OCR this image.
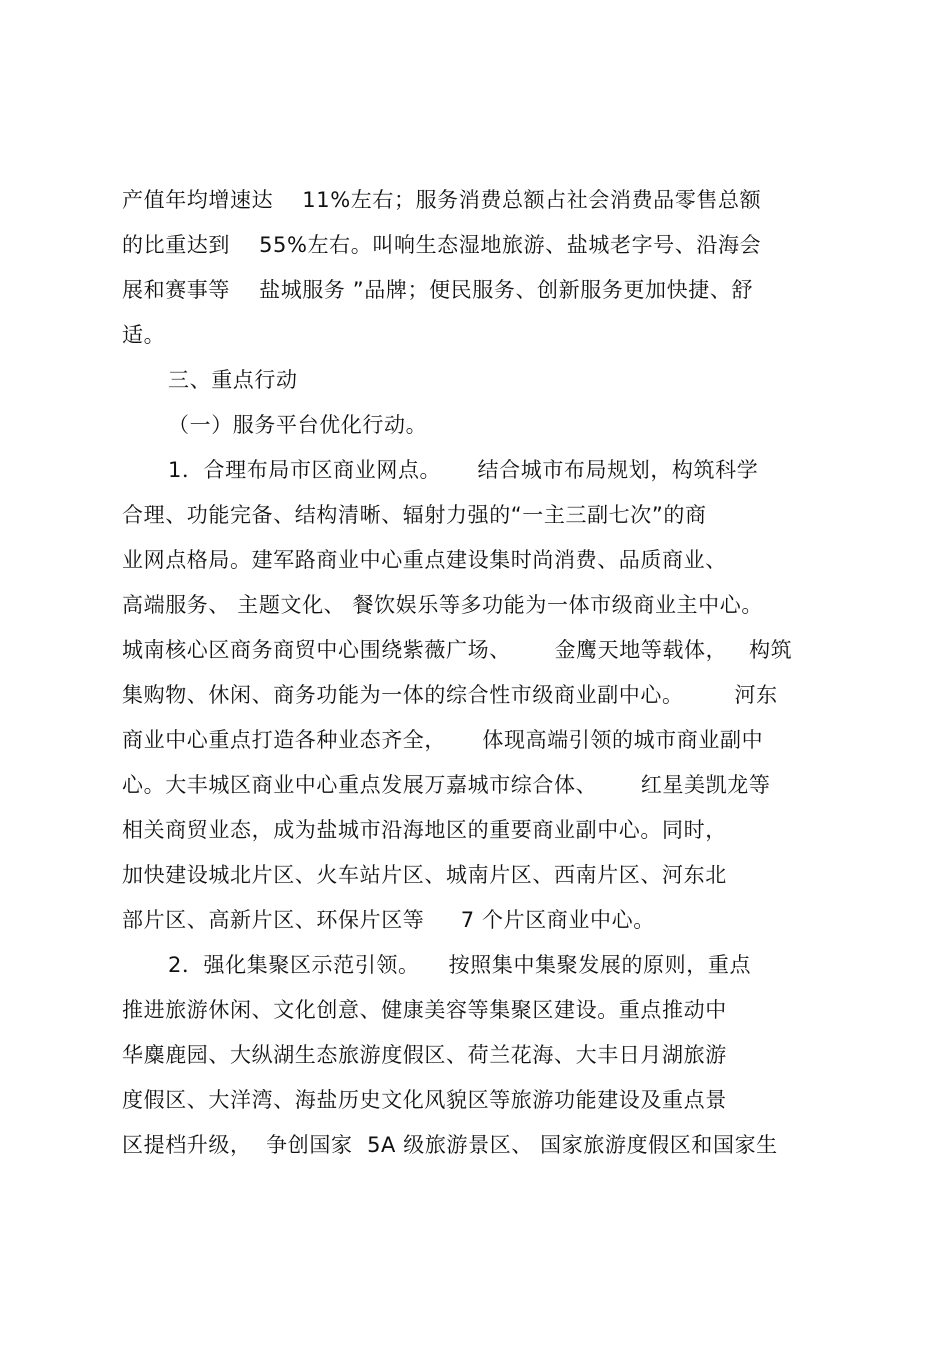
产值年均增速达    11%左右；服务消费总额占社会消费品零售总额
的比重达到    55%左右。叫响生态湿地旅游、盐城老字号、沿海会
展和赛事等    盐城服务 ”品牌；便民服务、创新服务更加快捷、舒
适。
三、重点行动
（一）服务平台优化行动。
1．合理布局市区商业网点。     结合城市布局规划，构筑科学
合理、功能完备、结构清晰、辐射力强的“一主三副七次”的商
业网点格局。建军路商业中心重点建设集时尚消费、品质商业、
高端服务、 主题文化、 餐饮娱乐等多功能为一体市级商业主中心。
城南核心区商务商贸中心围绕紫薇广场、      金鹰天地等载体，   构筑
集购物、休闲、商务功能为一体的综合性市级商业副中心。       河东
商业中心重点打造各种业态齐全，     体现高端引领的城市商业副中
心。大丰城区商业中心重点发展万嘉城市综合体、      红星美凯龙等
相关商贸业态，成为盐城市沿海地区的重要商业副中心。同时，
加快建设城北片区、火车站片区、城南片区、西南片区、河东北
部片区、高新片区、环保片区等     7 个片区商业中心。
2．强化集聚区示范引领。    按照集中集聚发展的原则，重点
推进旅游休闲、文化创意、健康美容等集聚区建设。重点推动中
华麋鹿园、大纵湖生态旅游度假区、荷兰花海、大丰日月湖旅游
度假区、大洋湾、海盐历史文化风貌区等旅游功能建设及重点景
区提档升级，  争创国家  5A 级旅游景区、 国家旅游度假区和国家生
